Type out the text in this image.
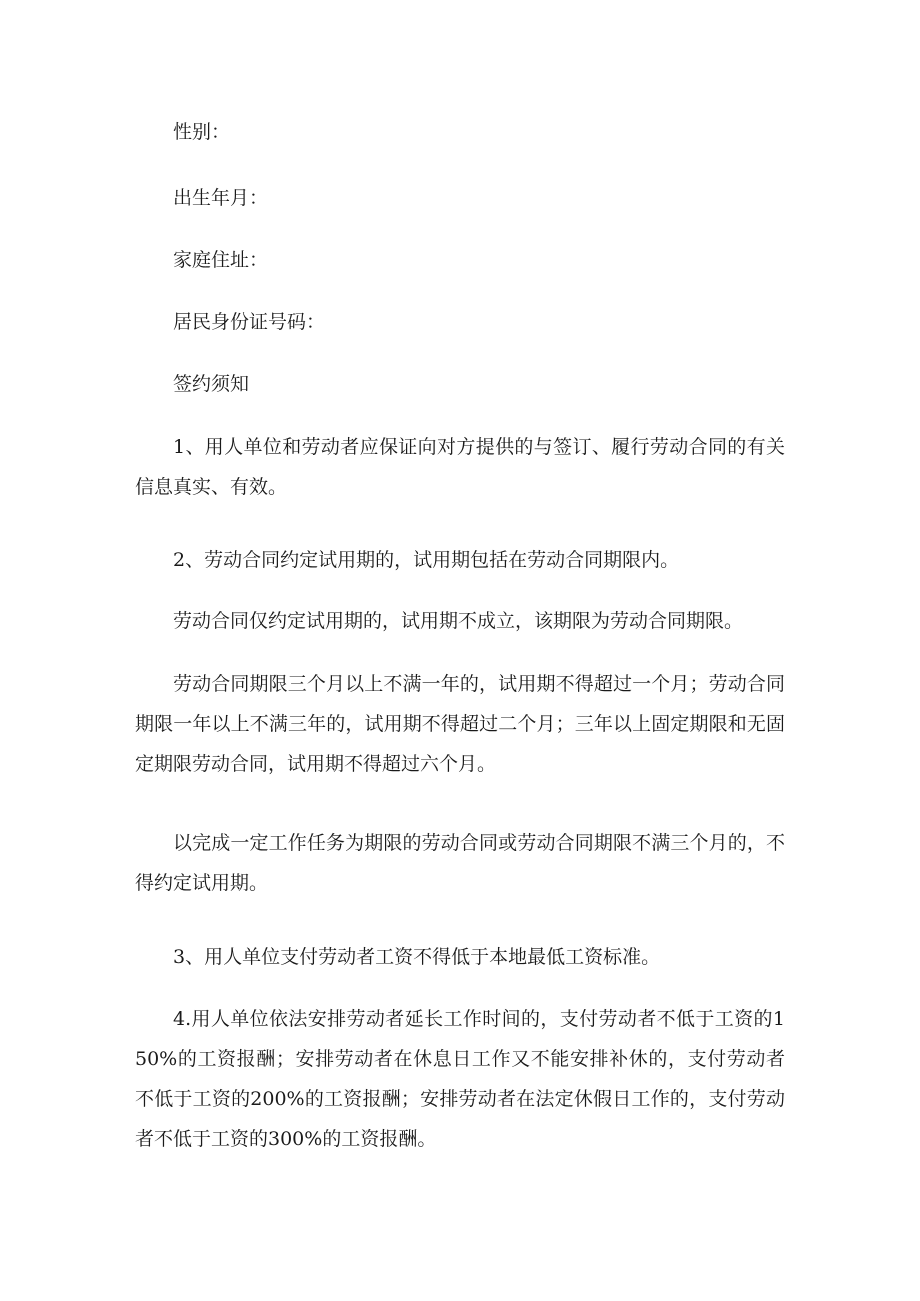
性别：

出生年月：

家庭住址：

居民身份证号码：

签约须知

1、用人单位和劳动者应保证向对方提供的与签订、履行劳动合同的有关信息真实、有效。

2、劳动合同约定试用期的，试用期包括在劳动合同期限内。

劳动合同仅约定试用期的，试用期不成立，该期限为劳动合同期限。

劳动合同期限三个月以上不满一年的，试用期不得超过一个月；劳动合同期限一年以上不满三年的，试用期不得超过二个月；三年以上固定期限和无固定期限劳动合同，试用期不得超过六个月。

以完成一定工作任务为期限的劳动合同或劳动合同期限不满三个月的，不得约定试用期。

3、用人单位支付劳动者工资不得低于本地最低工资标准。

4.用人单位依法安排劳动者延长工作时间的，支付劳动者不低于工资的150%的工资报酬；安排劳动者在休息日工作又不能安排补休的，支付劳动者不低于工资的200%的工资报酬；安排劳动者在法定休假日工作的，支付劳动者不低于工资的300%的工资报酬。
